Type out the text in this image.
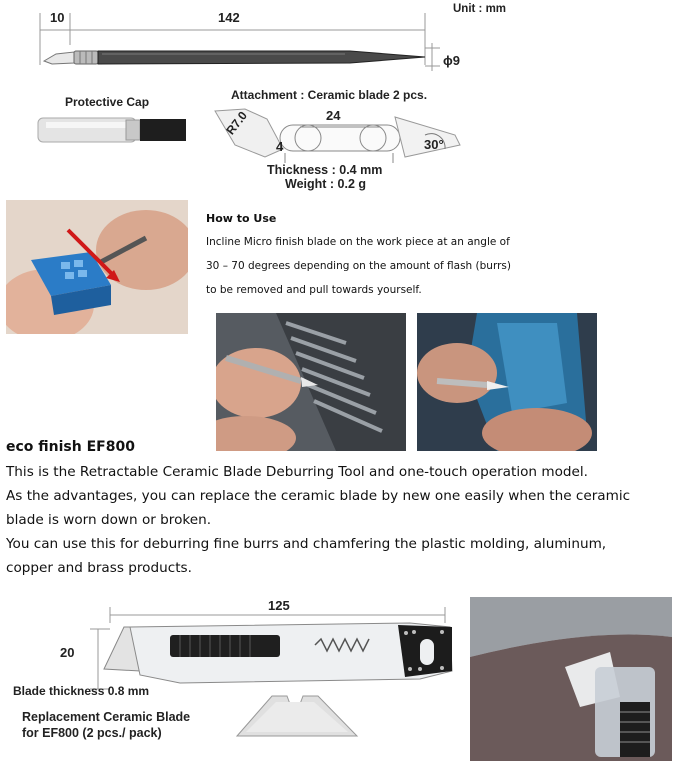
10	142
ϕ9
Unit : mm
Protective Cap	Attachment : Ceramic blade 2 pcs.
R7.0	24
4	30°
Thickness : 0.4 mm
Weight : 0.2 g
How to Use
Incline Micro finish blade on the work piece at an angle of
30 – 70 degrees depending on the amount of flash (burrs)
to be removed and pull towards yourself.
eco finish EF800
This is the Retractable Ceramic Blade Deburring Tool and one-touch operation model.
As the advantages, you can replace the ceramic blade by new one easily when the ceramic
blade is worn down or broken.
You can use this for deburring fine burrs and chamfering the plastic molding, aluminum,
copper and brass products.
125
20
Blade thickness 0.8 mm
Replacement Ceramic Blade
for EF800 (2 pcs./ pack)
